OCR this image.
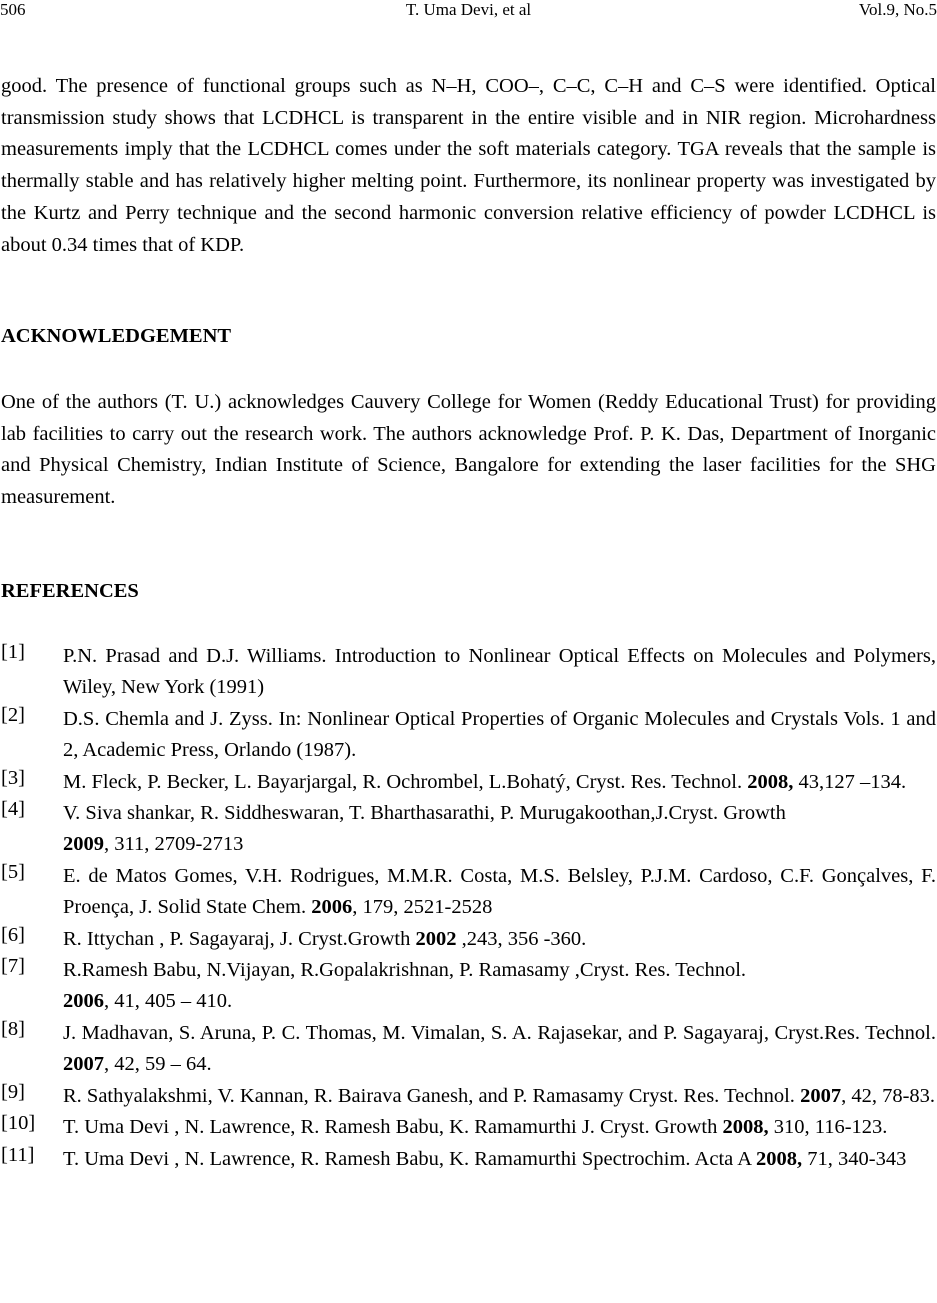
506	T. Uma Devi, et al	Vol.9, No.5
good. The presence of functional groups such as N–H, COO–, C–C, C–H and C–S were identified. Optical transmission study shows that LCDHCL is transparent in the entire visible and in NIR region. Microhardness measurements imply that the LCDHCL comes under the soft materials category. TGA reveals that the sample is thermally stable and has relatively higher melting point. Furthermore, its nonlinear property was investigated by the Kurtz and Perry technique and the second harmonic conversion relative efficiency of powder LCDHCL is about 0.34 times that of KDP.
ACKNOWLEDGEMENT
One of the authors (T. U.) acknowledges Cauvery College for Women (Reddy Educational Trust) for providing lab facilities to carry out the research work. The authors acknowledge Prof. P. K. Das, Department of Inorganic and Physical Chemistry, Indian Institute of Science, Bangalore for extending the laser facilities for the SHG measurement.
REFERENCES
[1] P.N. Prasad and D.J. Williams. Introduction to Nonlinear Optical Effects on Molecules and Polymers, Wiley, New York (1991)
[2] D.S. Chemla and J. Zyss. In: Nonlinear Optical Properties of Organic Molecules and Crystals Vols. 1 and 2, Academic Press, Orlando (1987).
[3] M. Fleck, P. Becker, L. Bayarjargal, R. Ochrombel, L.Bohatý, Cryst. Res. Technol. 2008, 43,127 –134.
[4] V. Siva shankar, R. Siddheswaran, T. Bharthasarathi, P. Murugakoothan,J.Cryst. Growth
2009, 311, 2709-2713
[5] E. de Matos Gomes, V.H. Rodrigues, M.M.R. Costa, M.S. Belsley, P.J.M. Cardoso, C.F. Gonçalves, F. Proença, J. Solid State Chem. 2006, 179, 2521-2528
[6] R. Ittychan , P. Sagayaraj, J. Cryst.Growth 2002 ,243, 356 -360.
[7] R.Ramesh Babu, N.Vijayan, R.Gopalakrishnan, P. Ramasamy ,Cryst. Res. Technol.
2006, 41, 405 – 410.
[8] J. Madhavan, S. Aruna, P. C. Thomas, M. Vimalan, S. A. Rajasekar, and P. Sagayaraj, Cryst.Res. Technol. 2007, 42, 59 – 64.
[9] R. Sathyalakshmi, V. Kannan, R. Bairava Ganesh, and P. Ramasamy Cryst. Res. Technol. 2007, 42, 78-83.
[10] T. Uma Devi , N. Lawrence, R. Ramesh Babu, K. Ramamurthi J. Cryst. Growth 2008, 310, 116-123.
[11] T. Uma Devi , N. Lawrence, R. Ramesh Babu, K. Ramamurthi Spectrochim. Acta A 2008, 71, 340-343
